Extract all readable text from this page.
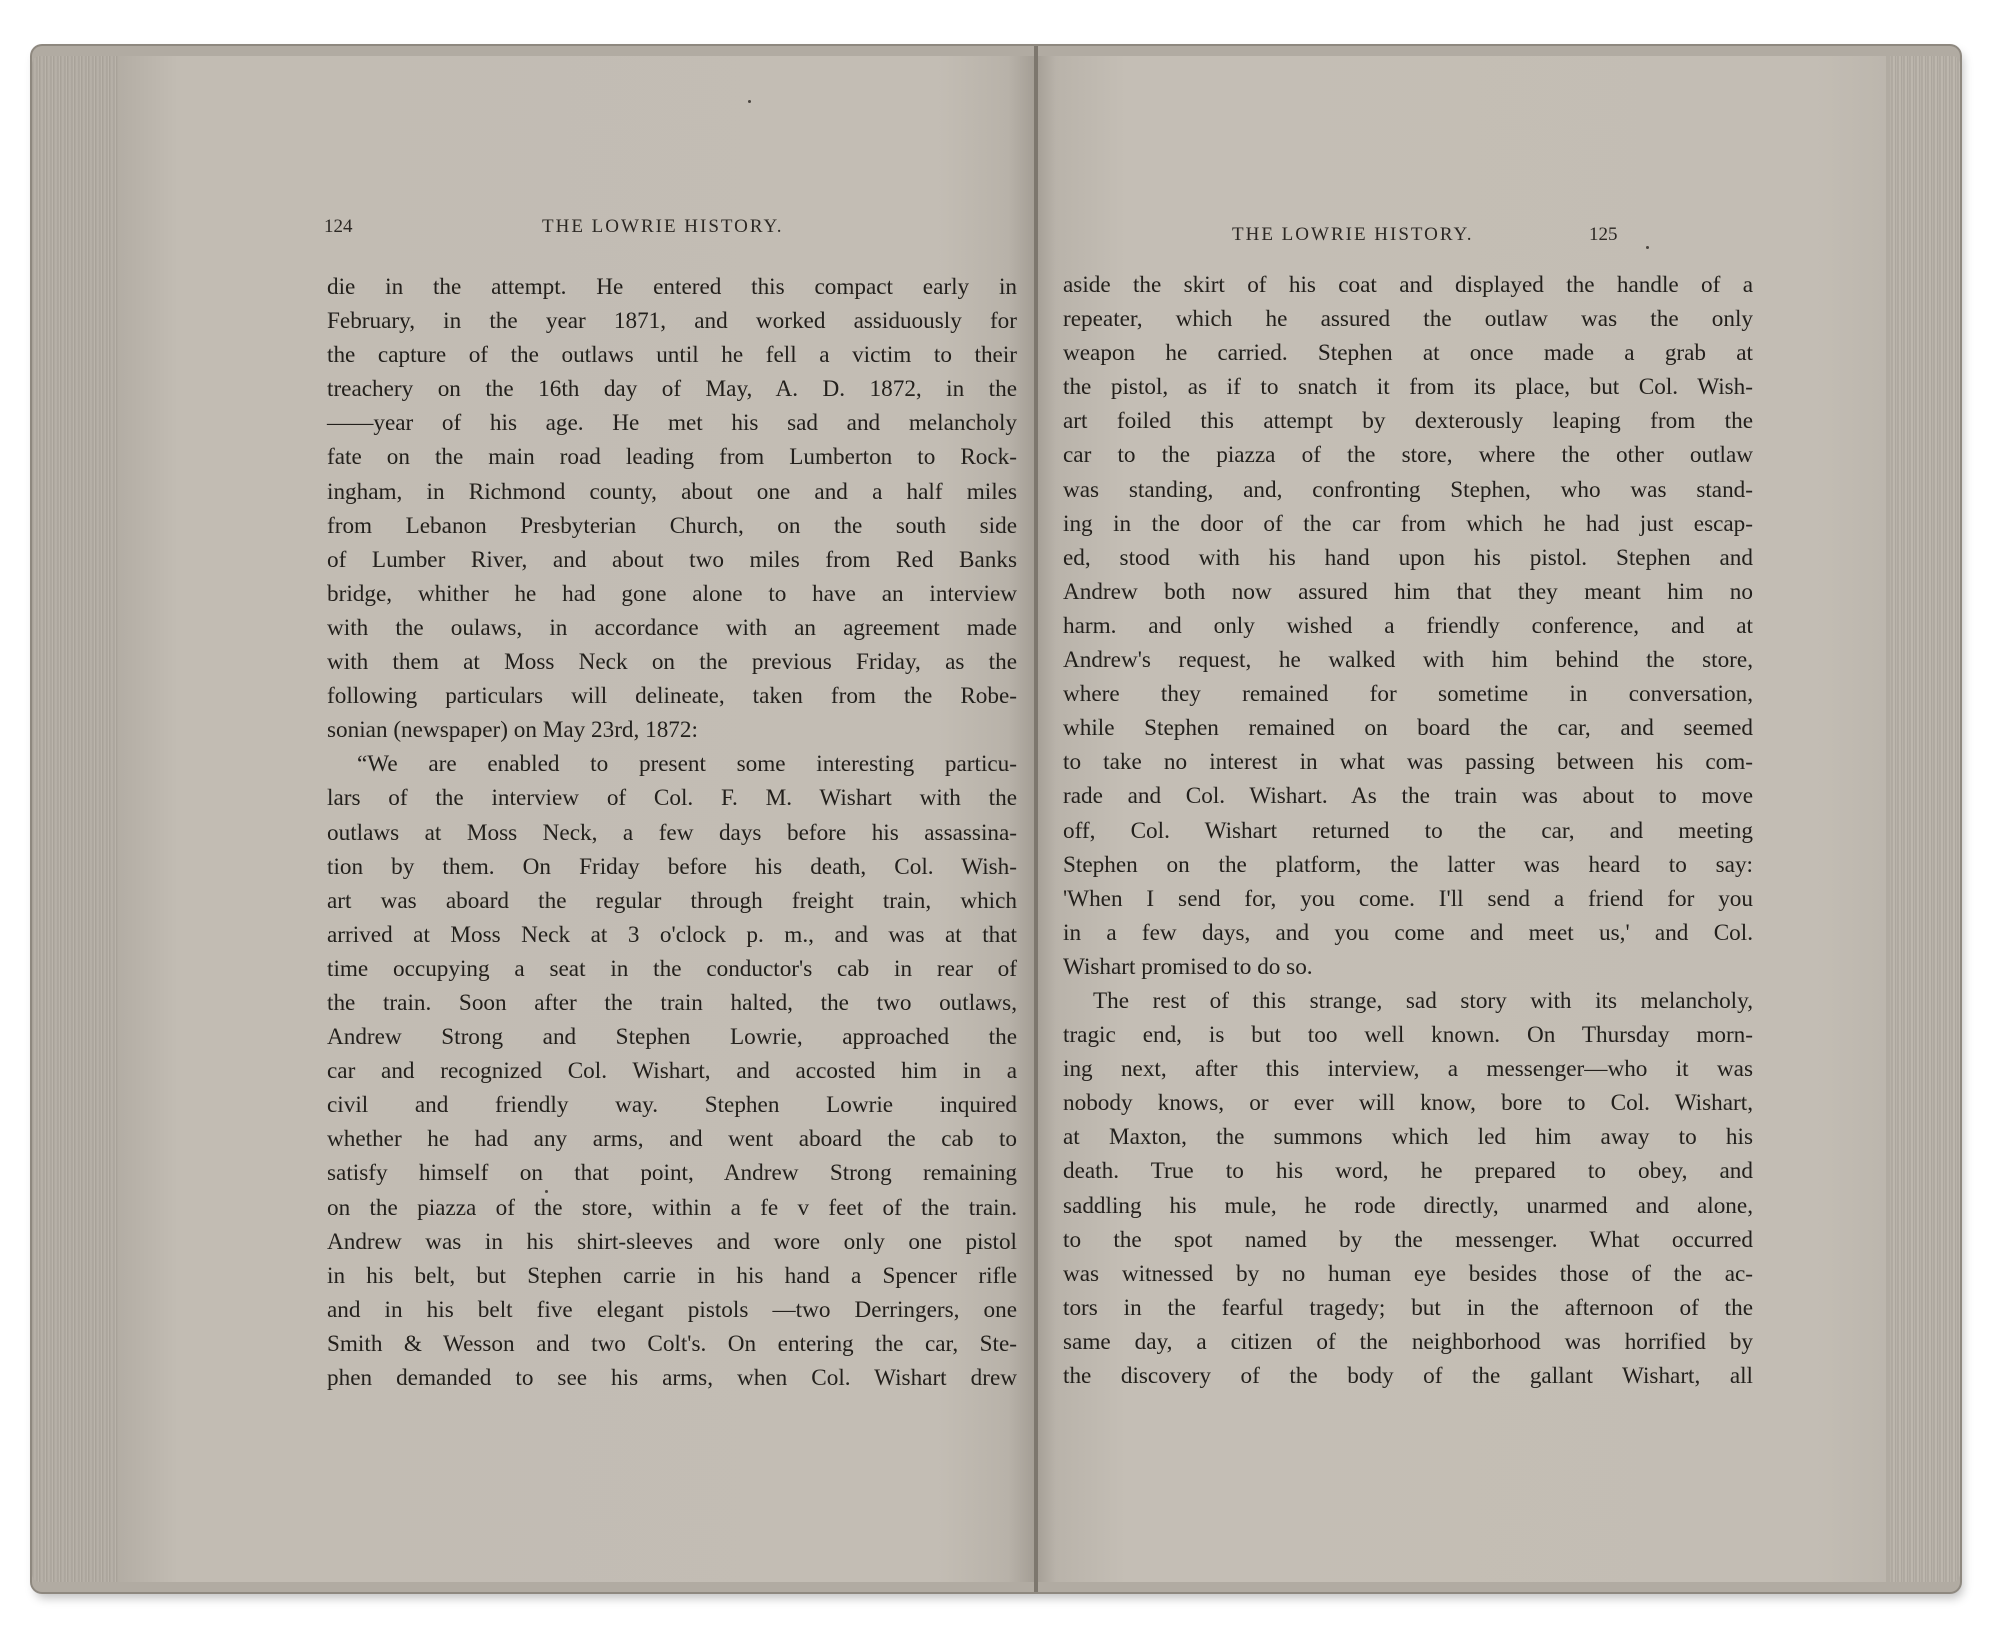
124	THE LOWRIE HISTORY.
die in the attempt. He entered this compact early in
February, in the year 1871, and worked assiduously for
the capture of the outlaws until he fell a victim to their
treachery on the 16th day of May, A. D. 1872, in the
——year of his age. He met his sad and melancholy
fate on the main road leading from Lumberton to Rock-
ingham, in Richmond county, about one and a half miles
from Lebanon Presbyterian Church, on the south side
of Lumber River, and about two miles from Red Banks
bridge, whither he had gone alone to have an interview
with the oulaws, in accordance with an agreement made
with them at Moss Neck on the previous Friday, as the
following particulars will delineate, taken from the Robe-
sonian (newspaper) on May 23rd, 1872:
“We are enabled to present some interesting particu-
lars of the interview of Col. F. M. Wishart with the
outlaws at Moss Neck, a few days before his assassina-
tion by them. On Friday before his death, Col. Wish-
art was aboard the regular through freight train, which
arrived at Moss Neck at 3 o'clock p. m., and was at that
time occupying a seat in the conductor's cab in rear of
the train. Soon after the train halted, the two outlaws,
Andrew Strong and Stephen Lowrie, approached the
car and recognized Col. Wishart, and accosted him in a
civil and friendly way. Stephen Lowrie inquired
whether he had any arms, and went aboard the cab to
satisfy himself on that point, Andrew Strong remaining
on the piazza of the store, within a fe v feet of the train.
Andrew was in his shirt-sleeves and wore only one pistol
in his belt, but Stephen carrie in his hand a Spencer rifle
and in his belt five elegant pistols —two Derringers, one
Smith & Wesson and two Colt's. On entering the car, Ste-
phen demanded to see his arms, when Col. Wishart drew
THE LOWRIE HISTORY.	125
aside the skirt of his coat and displayed the handle of a
repeater, which he assured the outlaw was the only
weapon he carried. Stephen at once made a grab at
the pistol, as if to snatch it from its place, but Col. Wish-
art foiled this attempt by dexterously leaping from the
car to the piazza of the store, where the other outlaw
was standing, and, confronting Stephen, who was stand-
ing in the door of the car from which he had just escap-
ed, stood with his hand upon his pistol. Stephen and
Andrew both now assured him that they meant him no
harm. and only wished a friendly conference, and at
Andrew's request, he walked with him behind the store,
where they remained for sometime in conversation,
while Stephen remained on board the car, and seemed
to take no interest in what was passing between his com-
rade and Col. Wishart. As the train was about to move
off, Col. Wishart returned to the car, and meeting
Stephen on the platform, the latter was heard to say:
'When I send for, you come. I'll send a friend for you
in a few days, and you come and meet us,' and Col.
Wishart promised to do so.
The rest of this strange, sad story with its melancholy,
tragic end, is but too well known. On Thursday morn-
ing next, after this interview, a messenger—who it was
nobody knows, or ever will know, bore to Col. Wishart,
at Maxton, the summons which led him away to his
death. True to his word, he prepared to obey, and
saddling his mule, he rode directly, unarmed and alone,
to the spot named by the messenger. What occurred
was witnessed by no human eye besides those of the ac-
tors in the fearful tragedy; but in the afternoon of the
same day, a citizen of the neighborhood was horrified by
the discovery of the body of the gallant Wishart, all
